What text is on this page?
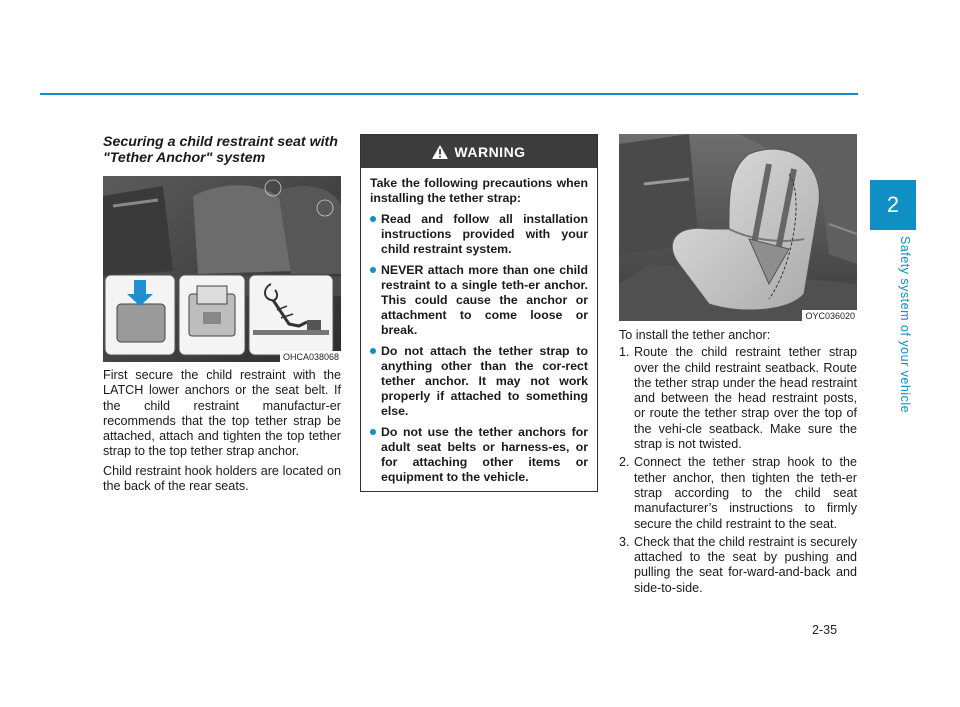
2
Safety system of your vehicle
Securing a child restraint seat with "Tether Anchor" system
OHCA038068

First secure the child restraint with the LATCH lower anchors or the seat belt. If the child restraint manufactur-er recommends that the top tether strap be attached, attach and tighten the top tether strap to the top tether strap anchor.

Child restraint hook holders are located on the back of the rear seats.

WARNING

Take the following precautions when installing the tether strap:

Read and follow all installation instructions provided with your child restraint system.
NEVER attach more than one child restraint to a single teth-er anchor. This could cause the anchor or attachment to come loose or break.
Do not attach the tether strap to anything other than the cor-rect tether anchor. It may not work properly if attached to something else.
Do not use the tether anchors for adult seat belts or harness-es, or for attaching other items or equipment to the vehicle.
OYC036020

To install the tether anchor:

1. Route the child restraint tether strap over the child restraint seatback. Route the tether strap under the head restraint and between the head restraint posts, or route the tether strap over the top of the vehi-cle seatback. Make sure the strap is not twisted.
2. Connect the tether strap hook to the tether anchor, then tighten the teth-er strap according to the child seat manufacturer’s instructions to firmly secure the child restraint to the seat.
3. Check that the child restraint is securely attached to the seat by pushing and pulling the seat for-ward-and-back and side-to-side.
2-35
